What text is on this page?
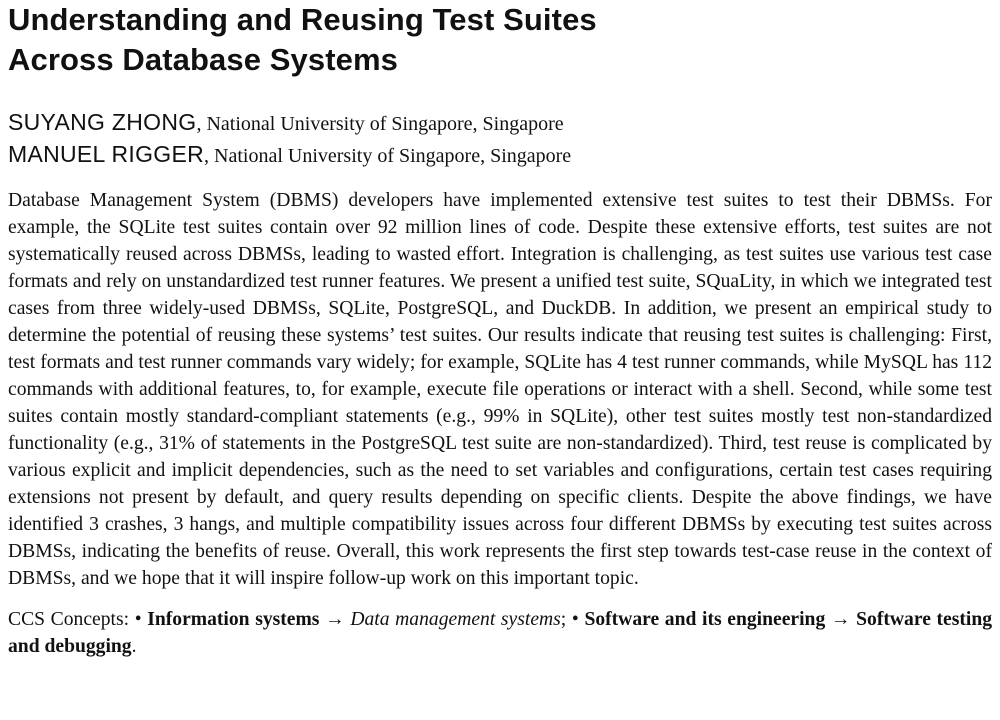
Understanding and Reusing Test Suites
Across Database Systems
SUYANG ZHONG, National University of Singapore, Singapore
MANUEL RIGGER, National University of Singapore, Singapore

Database Management System (DBMS) developers have implemented extensive test suites to test their DBMSs. For example, the SQLite test suites contain over 92 million lines of code. Despite these extensive efforts, test suites are not systematically reused across DBMSs, leading to wasted effort. Integration is challenging, as test suites use various test case formats and rely on unstandardized test runner features. We present a unified test suite, SQuaLity, in which we integrated test cases from three widely-used DBMSs, SQLite, PostgreSQL, and DuckDB. In addition, we present an empirical study to determine the potential of reusing these systems’ test suites. Our results indicate that reusing test suites is challenging: First, test formats and test runner commands vary widely; for example, SQLite has 4 test runner commands, while MySQL has 112 commands with additional features, to, for example, execute file operations or interact with a shell. Second, while some test suites contain mostly standard-compliant statements (e.g., 99% in SQLite), other test suites mostly test non-standardized functionality (e.g., 31% of statements in the PostgreSQL test suite are non-standardized). Third, test reuse is complicated by various explicit and implicit dependencies, such as the need to set variables and configurations, certain test cases requiring extensions not present by default, and query results depending on specific clients. Despite the above findings, we have identified 3 crashes, 3 hangs, and multiple compatibility issues across four different DBMSs by executing test suites across DBMSs, indicating the benefits of reuse. Overall, this work represents the first step towards test-case reuse in the context of DBMSs, and we hope that it will inspire follow-up work on this important topic.

CCS Concepts: • Information systems → Data management systems; • Software and its engineering → Software testing and debugging.
